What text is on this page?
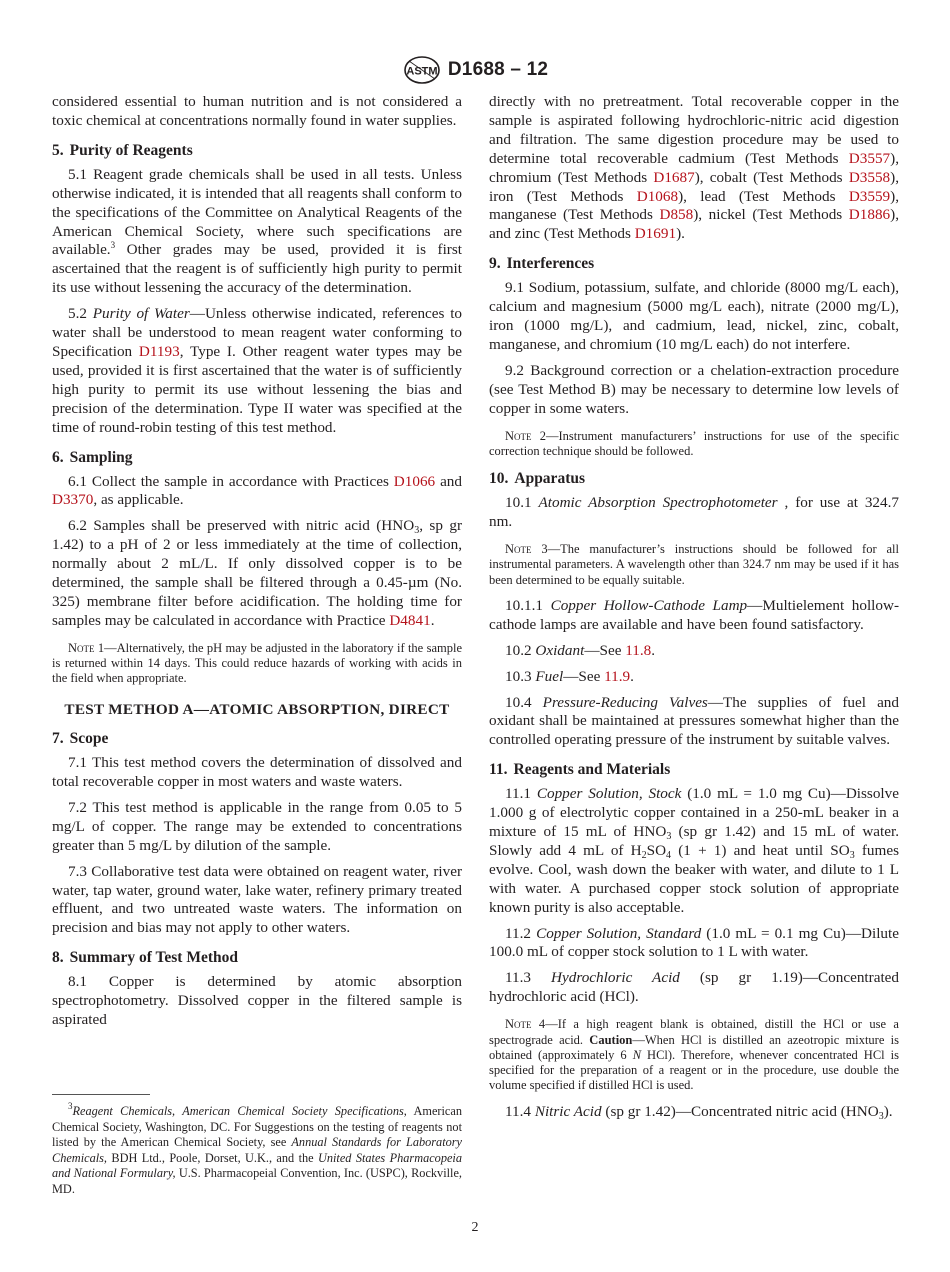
ASTM D1688 – 12

considered essential to human nutrition and is not considered a toxic chemical at concentrations normally found in water supplies.

5. Purity of Reagents

5.1 Reagent grade chemicals shall be used in all tests. Unless otherwise indicated, it is intended that all reagents shall conform to the specifications of the Committee on Analytical Reagents of the American Chemical Society, where such specifications are available.$^3$ Other grades may be used, provided it is first ascertained that the reagent is of sufficiently high purity to permit its use without lessening the accuracy of the determination.

5.2 Purity of Water—Unless otherwise indicated, references to water shall be understood to mean reagent water conforming to Specification D1193, Type I. Other reagent water types may be used, provided it is first ascertained that the water is of sufficiently high purity to permit its use without lessening the bias and precision of the determination. Type II water was specified at the time of round-robin testing of this test method.

6. Sampling

6.1 Collect the sample in accordance with Practices D1066 and D3370, as applicable.

6.2 Samples shall be preserved with nitric acid ($HNO_3$, sp gr 1.42) to a pH of 2 or less immediately at the time of collection, normally about 2 mL/L. If only dissolved copper is to be determined, the sample shall be filtered through a 0.45-µm (No. 325) membrane filter before acidification. The holding time for samples may be calculated in accordance with Practice D4841.

Note 1—Alternatively, the pH may be adjusted in the laboratory if the sample is returned within 14 days. This could reduce hazards of working with acids in the field when appropriate.

TEST METHOD A—ATOMIC ABSORPTION, DIRECT
7. Scope

7.1 This test method covers the determination of dissolved and total recoverable copper in most waters and waste waters.

7.2 This test method is applicable in the range from 0.05 to 5 mg/L of copper. The range may be extended to concentrations greater than 5 mg/L by dilution of the sample.

7.3 Collaborative test data were obtained on reagent water, river water, tap water, ground water, lake water, refinery primary treated effluent, and two untreated waste waters. The information on precision and bias may not apply to other waters.

8. Summary of Test Method

8.1 Copper is determined by atomic absorption spectrophotometry. Dissolved copper in the filtered sample is aspirated

$^3$Reagent Chemicals, American Chemical Society Specifications, American Chemical Society, Washington, DC. For Suggestions on the testing of reagents not listed by the American Chemical Society, see Annual Standards for Laboratory Chemicals, BDH Ltd., Poole, Dorset, U.K., and the United States Pharmacopeia and National Formulary, U.S. Pharmacopeial Convention, Inc. (USPC), Rockville, MD.

directly with no pretreatment. Total recoverable copper in the sample is aspirated following hydrochloric-nitric acid digestion and filtration. The same digestion procedure may be used to determine total recoverable cadmium (Test Methods D3557), chromium (Test Methods D1687), cobalt (Test Methods D3558), iron (Test Methods D1068), lead (Test Methods D3559), manganese (Test Methods D858), nickel (Test Methods D1886), and zinc (Test Methods D1691).

9. Interferences

9.1 Sodium, potassium, sulfate, and chloride (8000 mg/L each), calcium and magnesium (5000 mg/L each), nitrate (2000 mg/L), iron (1000 mg/L), and cadmium, lead, nickel, zinc, cobalt, manganese, and chromium (10 mg/L each) do not interfere.

9.2 Background correction or a chelation-extraction procedure (see Test Method B) may be necessary to determine low levels of copper in some waters.

Note 2—Instrument manufacturers’ instructions for use of the specific correction technique should be followed.

10. Apparatus

10.1 Atomic Absorption Spectrophotometer , for use at 324.7 nm.

Note 3—The manufacturer’s instructions should be followed for all instrumental parameters. A wavelength other than 324.7 nm may be used if it has been determined to be equally suitable.

10.1.1 Copper Hollow-Cathode Lamp—Multielement hollow-cathode lamps are available and have been found satisfactory.

10.2 Oxidant—See 11.8.

10.3 Fuel—See 11.9.

10.4 Pressure-Reducing Valves—The supplies of fuel and oxidant shall be maintained at pressures somewhat higher than the controlled operating pressure of the instrument by suitable valves.

11. Reagents and Materials

11.1 Copper Solution, Stock (1.0 mL = 1.0 mg Cu)—Dissolve 1.000 g of electrolytic copper contained in a 250-mL beaker in a mixture of 15 mL of $HNO_3$ (sp gr 1.42) and 15 mL of water. Slowly add 4 mL of $H_2SO_4$ (1 + 1) and heat until $SO_3$ fumes evolve. Cool, wash down the beaker with water, and dilute to 1 L with water. A purchased copper stock solution of appropriate known purity is also acceptable.

11.2 Copper Solution, Standard (1.0 mL = 0.1 mg Cu)—Dilute 100.0 mL of copper stock solution to 1 L with water.

11.3 Hydrochloric Acid (sp gr 1.19)—Concentrated hydrochloric acid (HCl).

Note 4—If a high reagent blank is obtained, distill the HCl or use a spectrograde acid. Caution—When HCl is distilled an azeotropic mixture is obtained (approximately 6 N HCl). Therefore, whenever concentrated HCl is specified for the preparation of a reagent or in the procedure, use double the volume specified if distilled HCl is used.

11.4 Nitric Acid (sp gr 1.42)—Concentrated nitric acid $(HNO_3)$.

2
